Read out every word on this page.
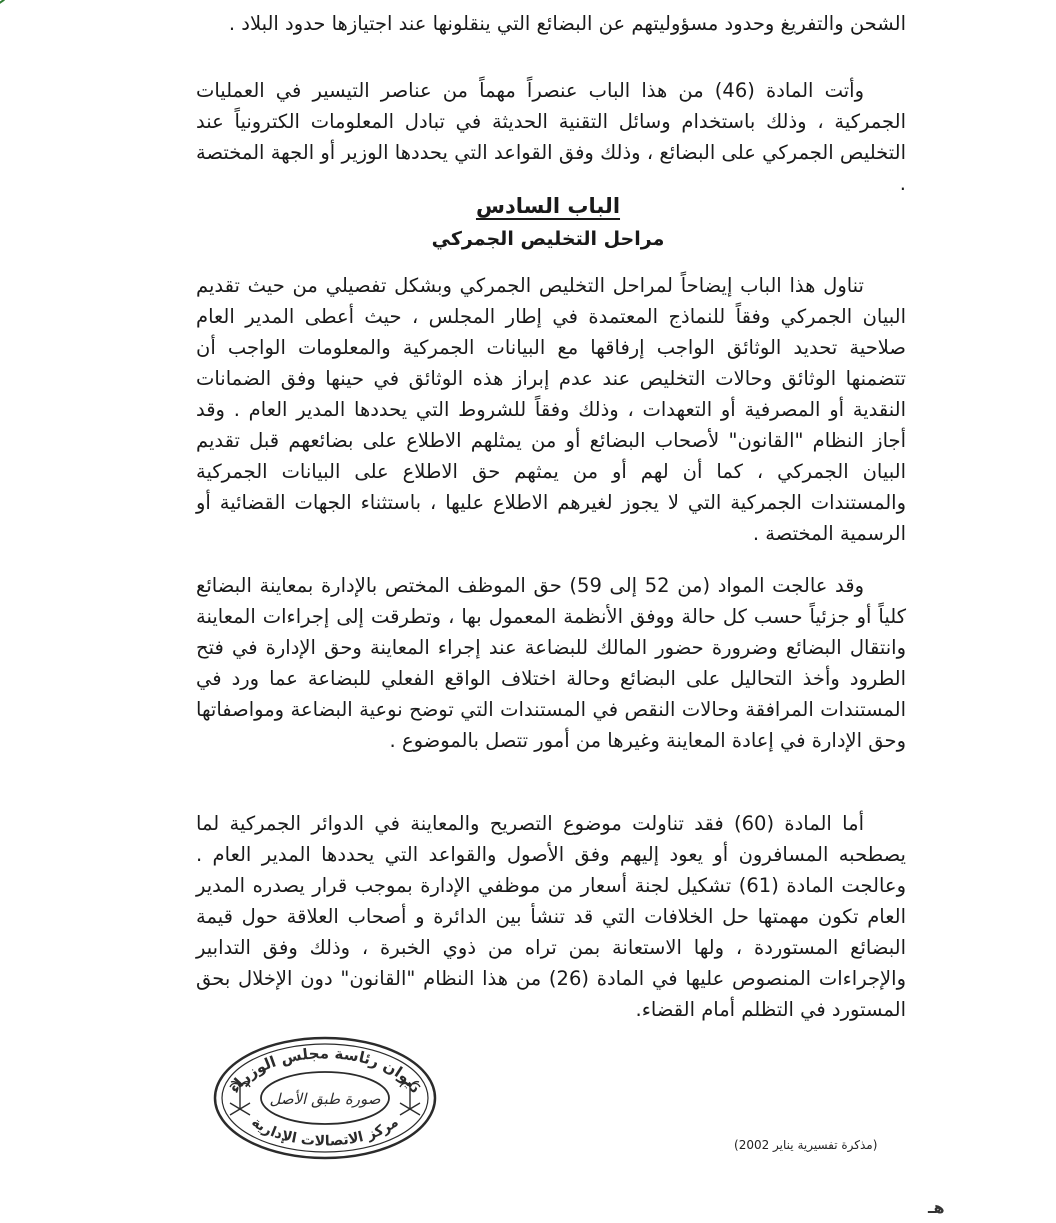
الشحن والتفريغ وحدود مسؤوليتهم عن البضائع التي ينقلونها عند اجتيازها حدود البلاد .
وأتت المادة (46) من هذا الباب عنصراً مهماً من عناصر التيسير في العمليات الجمركية ، وذلك باستخدام وسائل التقنية الحديثة في تبادل المعلومات الكترونياً عند التخليص الجمركي على البضائع ، وذلك وفق القواعد التي يحددها الوزير أو الجهة المختصة .
الباب السادس
مراحل التخليص الجمركي
تناول هذا الباب إيضاحاً لمراحل التخليص الجمركي وبشكل تفصيلي من حيث تقديم البيان الجمركي وفقاً للنماذج المعتمدة في إطار المجلس ، حيث أعطى المدير العام صلاحية تحديد الوثائق الواجب إرفاقها مع البيانات الجمركية والمعلومات الواجب أن تتضمنها الوثائق وحالات التخليص عند عدم إبراز هذه الوثائق في حينها وفق الضمانات النقدية أو المصرفية أو التعهدات ، وذلك وفقاً للشروط التي يحددها المدير العام . وقد أجاز النظام "القانون" لأصحاب البضائع أو من يمثلهم الاطلاع على بضائعهم قبل تقديم البيان الجمركي ، كما أن لهم أو من يمثهم حق الاطلاع على البيانات الجمركية والمستندات الجمركية التي لا يجوز لغيرهم الاطلاع عليها ، باستثناء الجهات القضائية أو الرسمية المختصة .
وقد عالجت المواد (من 52 إلى 59) حق الموظف المختص بالإدارة بمعاينة البضائع كلياً أو جزئياً حسب كل حالة ووفق الأنظمة المعمول بها ، وتطرقت إلى إجراءات المعاينة وانتقال البضائع وضرورة حضور المالك للبضاعة عند إجراء المعاينة وحق الإدارة في فتح الطرود وأخذ التحاليل على البضائع وحالة اختلاف الواقع الفعلي للبضاعة عما ورد في المستندات المرافقة وحالات النقص في المستندات التي توضح نوعية البضاعة ومواصفاتها وحق الإدارة في إعادة المعاينة وغيرها من أمور تتصل بالموضوع .
أما المادة (60) فقد تناولت موضوع التصريح والمعاينة في الدوائر الجمركية لما يصطحبه المسافرون أو يعود إليهم وفق الأصول والقواعد التي يحددها المدير العام . وعالجت المادة (61) تشكيل لجنة أسعار من موظفي الإدارة بموجب قرار يصدره المدير العام تكون مهمتها حل الخلافات التي قد تنشأ بين الدائرة و أصحاب العلاقة حول قيمة البضائع المستوردة ، ولها الاستعانة بمن تراه من ذوي الخبرة ، وذلك وفق التدابير والإجراءات المنصوص عليها في المادة (26) من هذا النظام "القانون" دون الإخلال بحق المستورد في التظلم أمام القضاء.
ديوان رئاسة مجلس الوزراء
مركز الاتصالات الإدارية
صورة طبق الأصل
(مذكرة تفسيرية يناير 2002)
هـ
